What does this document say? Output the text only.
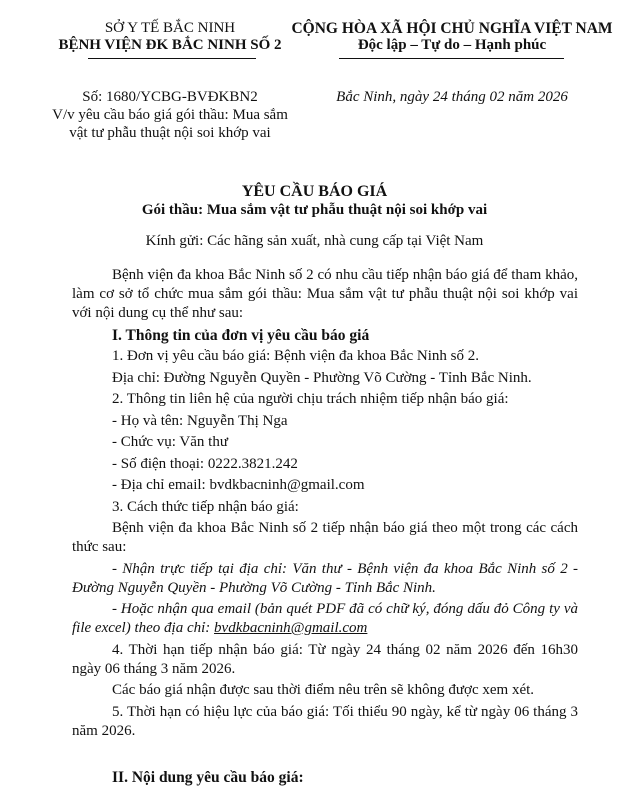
SỞ Y TẾ BẮC NINH
BỆNH VIỆN ĐK BẮC NINH SỐ 2
Số: 1680/YCBG-BVĐKBN2
V/v yêu cầu báo giá gói thầu: Mua sắm
vật tư phẫu thuật nội soi khớp vai
CỘNG HÒA XÃ HỘI CHỦ NGHĨA VIỆT NAM
Độc lập – Tự do – Hạnh phúc
Bắc Ninh, ngày 24 tháng 02 năm 2026
YÊU CẦU BÁO GIÁ
Gói thầu: Mua sắm vật tư phẫu thuật nội soi khớp vai
Kính gửi: Các hãng sản xuất, nhà cung cấp tại Việt Nam

Bệnh viện đa khoa Bắc Ninh số 2 có nhu cầu tiếp nhận báo giá để tham khảo, làm cơ sở tổ chức mua sắm gói thầu: Mua sắm vật tư phẫu thuật nội soi khớp vai với nội dung cụ thể như sau:

I. Thông tin của đơn vị yêu cầu báo giá

1. Đơn vị yêu cầu báo giá: Bệnh viện đa khoa Bắc Ninh số 2.

Địa chỉ: Đường Nguyễn Quyền - Phường Võ Cường - Tỉnh Bắc Ninh.

2. Thông tin liên hệ của người chịu trách nhiệm tiếp nhận báo giá:

- Họ và tên: Nguyễn Thị Nga

- Chức vụ: Văn thư

- Số điện thoại: 0222.3821.242

- Địa chỉ email: bvdkbacninh@gmail.com

3. Cách thức tiếp nhận báo giá:

Bệnh viện đa khoa Bắc Ninh số 2 tiếp nhận báo giá theo một trong các cách thức sau:

- Nhận trực tiếp tại địa chỉ: Văn thư - Bệnh viện đa khoa Bắc Ninh số 2 - Đường Nguyễn Quyền - Phường Võ Cường - Tỉnh Bắc Ninh.

- Hoặc nhận qua email (bản quét PDF đã có chữ ký, đóng dấu đỏ Công ty và file excel) theo địa chỉ: bvdkbacninh@gmail.com

4. Thời hạn tiếp nhận báo giá: Từ ngày 24 tháng 02 năm 2026 đến 16h30 ngày 06 tháng 3 năm 2026.

Các báo giá nhận được sau thời điểm nêu trên sẽ không được xem xét.

5. Thời hạn có hiệu lực của báo giá: Tối thiểu 90 ngày, kể từ ngày 06 tháng 3 năm 2026.

II. Nội dung yêu cầu báo giá:
